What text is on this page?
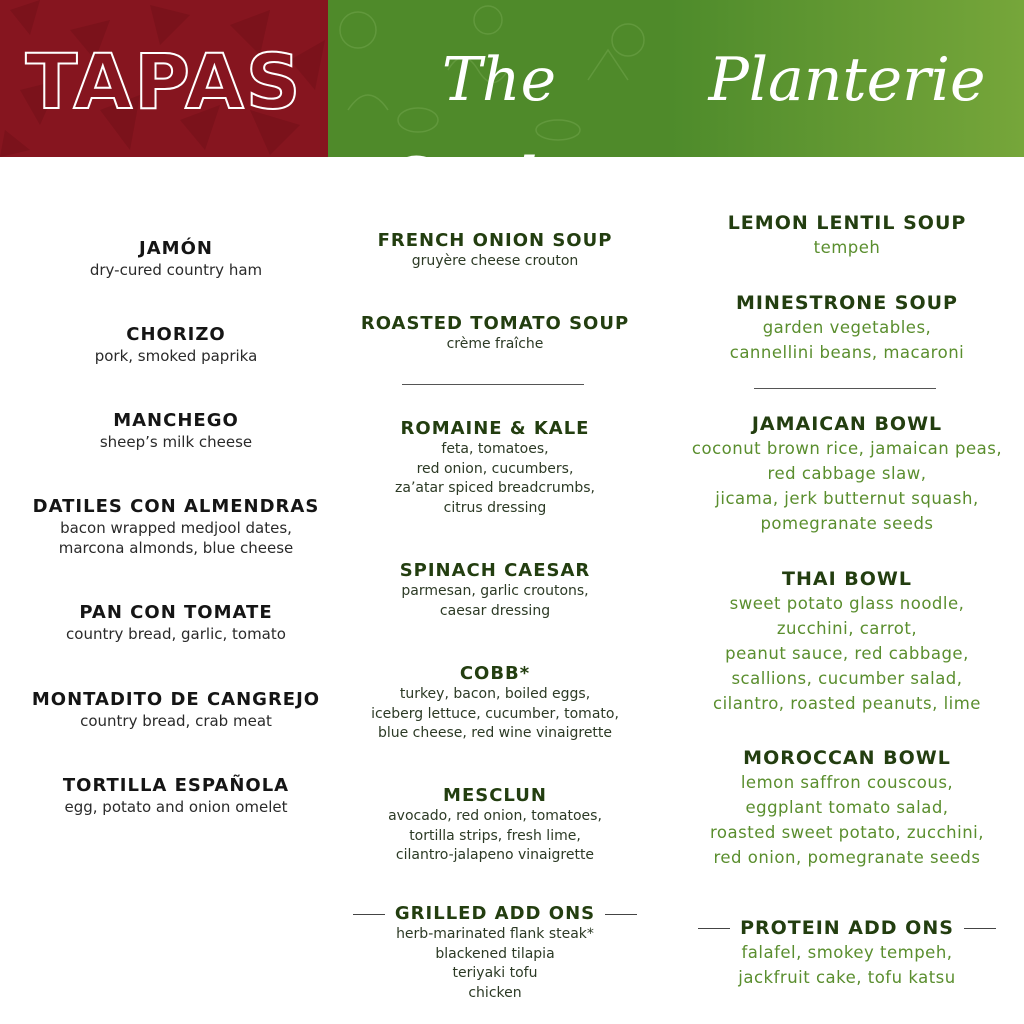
TAPAS	The Garden
Planterie
JAMÓN
dry-cured country ham
CHORIZO
pork, smoked paprika
MANCHEGO
sheep’s milk cheese
DATILES CON ALMENDRAS
bacon wrapped medjool dates,
marcona almonds, blue cheese
PAN CON TOMATE
country bread, garlic, tomato
MONTADITO DE CANGREJO
country bread, crab meat
TORTILLA ESPAÑOLA
egg, potato and onion omelet
FRENCH ONION SOUP
gruyère cheese crouton
ROASTED TOMATO SOUP
crème fraîche
ROMAINE & KALE
feta, tomatoes,
red onion, cucumbers,
za’atar spiced breadcrumbs,
citrus dressing
SPINACH CAESAR
parmesan, garlic croutons,
caesar dressing
COBB*
turkey, bacon, boiled eggs,
iceberg lettuce, cucumber, tomato,
blue cheese, red wine vinaigrette
MESCLUN
avocado, red onion, tomatoes,
tortilla strips, fresh lime,
cilantro-jalapeno vinaigrette
GRILLED ADD ONS
herb-marinated flank steak*
blackened tilapia
teriyaki tofu
chicken
LEMON LENTIL SOUP
tempeh
MINESTRONE SOUP
garden vegetables,
cannellini beans, macaroni
JAMAICAN BOWL
coconut brown rice, jamaican peas,
red cabbage slaw,
jicama, jerk butternut squash,
pomegranate seeds
THAI BOWL
sweet potato glass noodle,
zucchini, carrot,
peanut sauce, red cabbage,
scallions, cucumber salad,
cilantro, roasted peanuts, lime
MOROCCAN BOWL
lemon saffron couscous,
eggplant tomato salad,
roasted sweet potato, zucchini,
red onion, pomegranate seeds
PROTEIN ADD ONS
falafel, smokey tempeh,
jackfruit cake, tofu katsu
